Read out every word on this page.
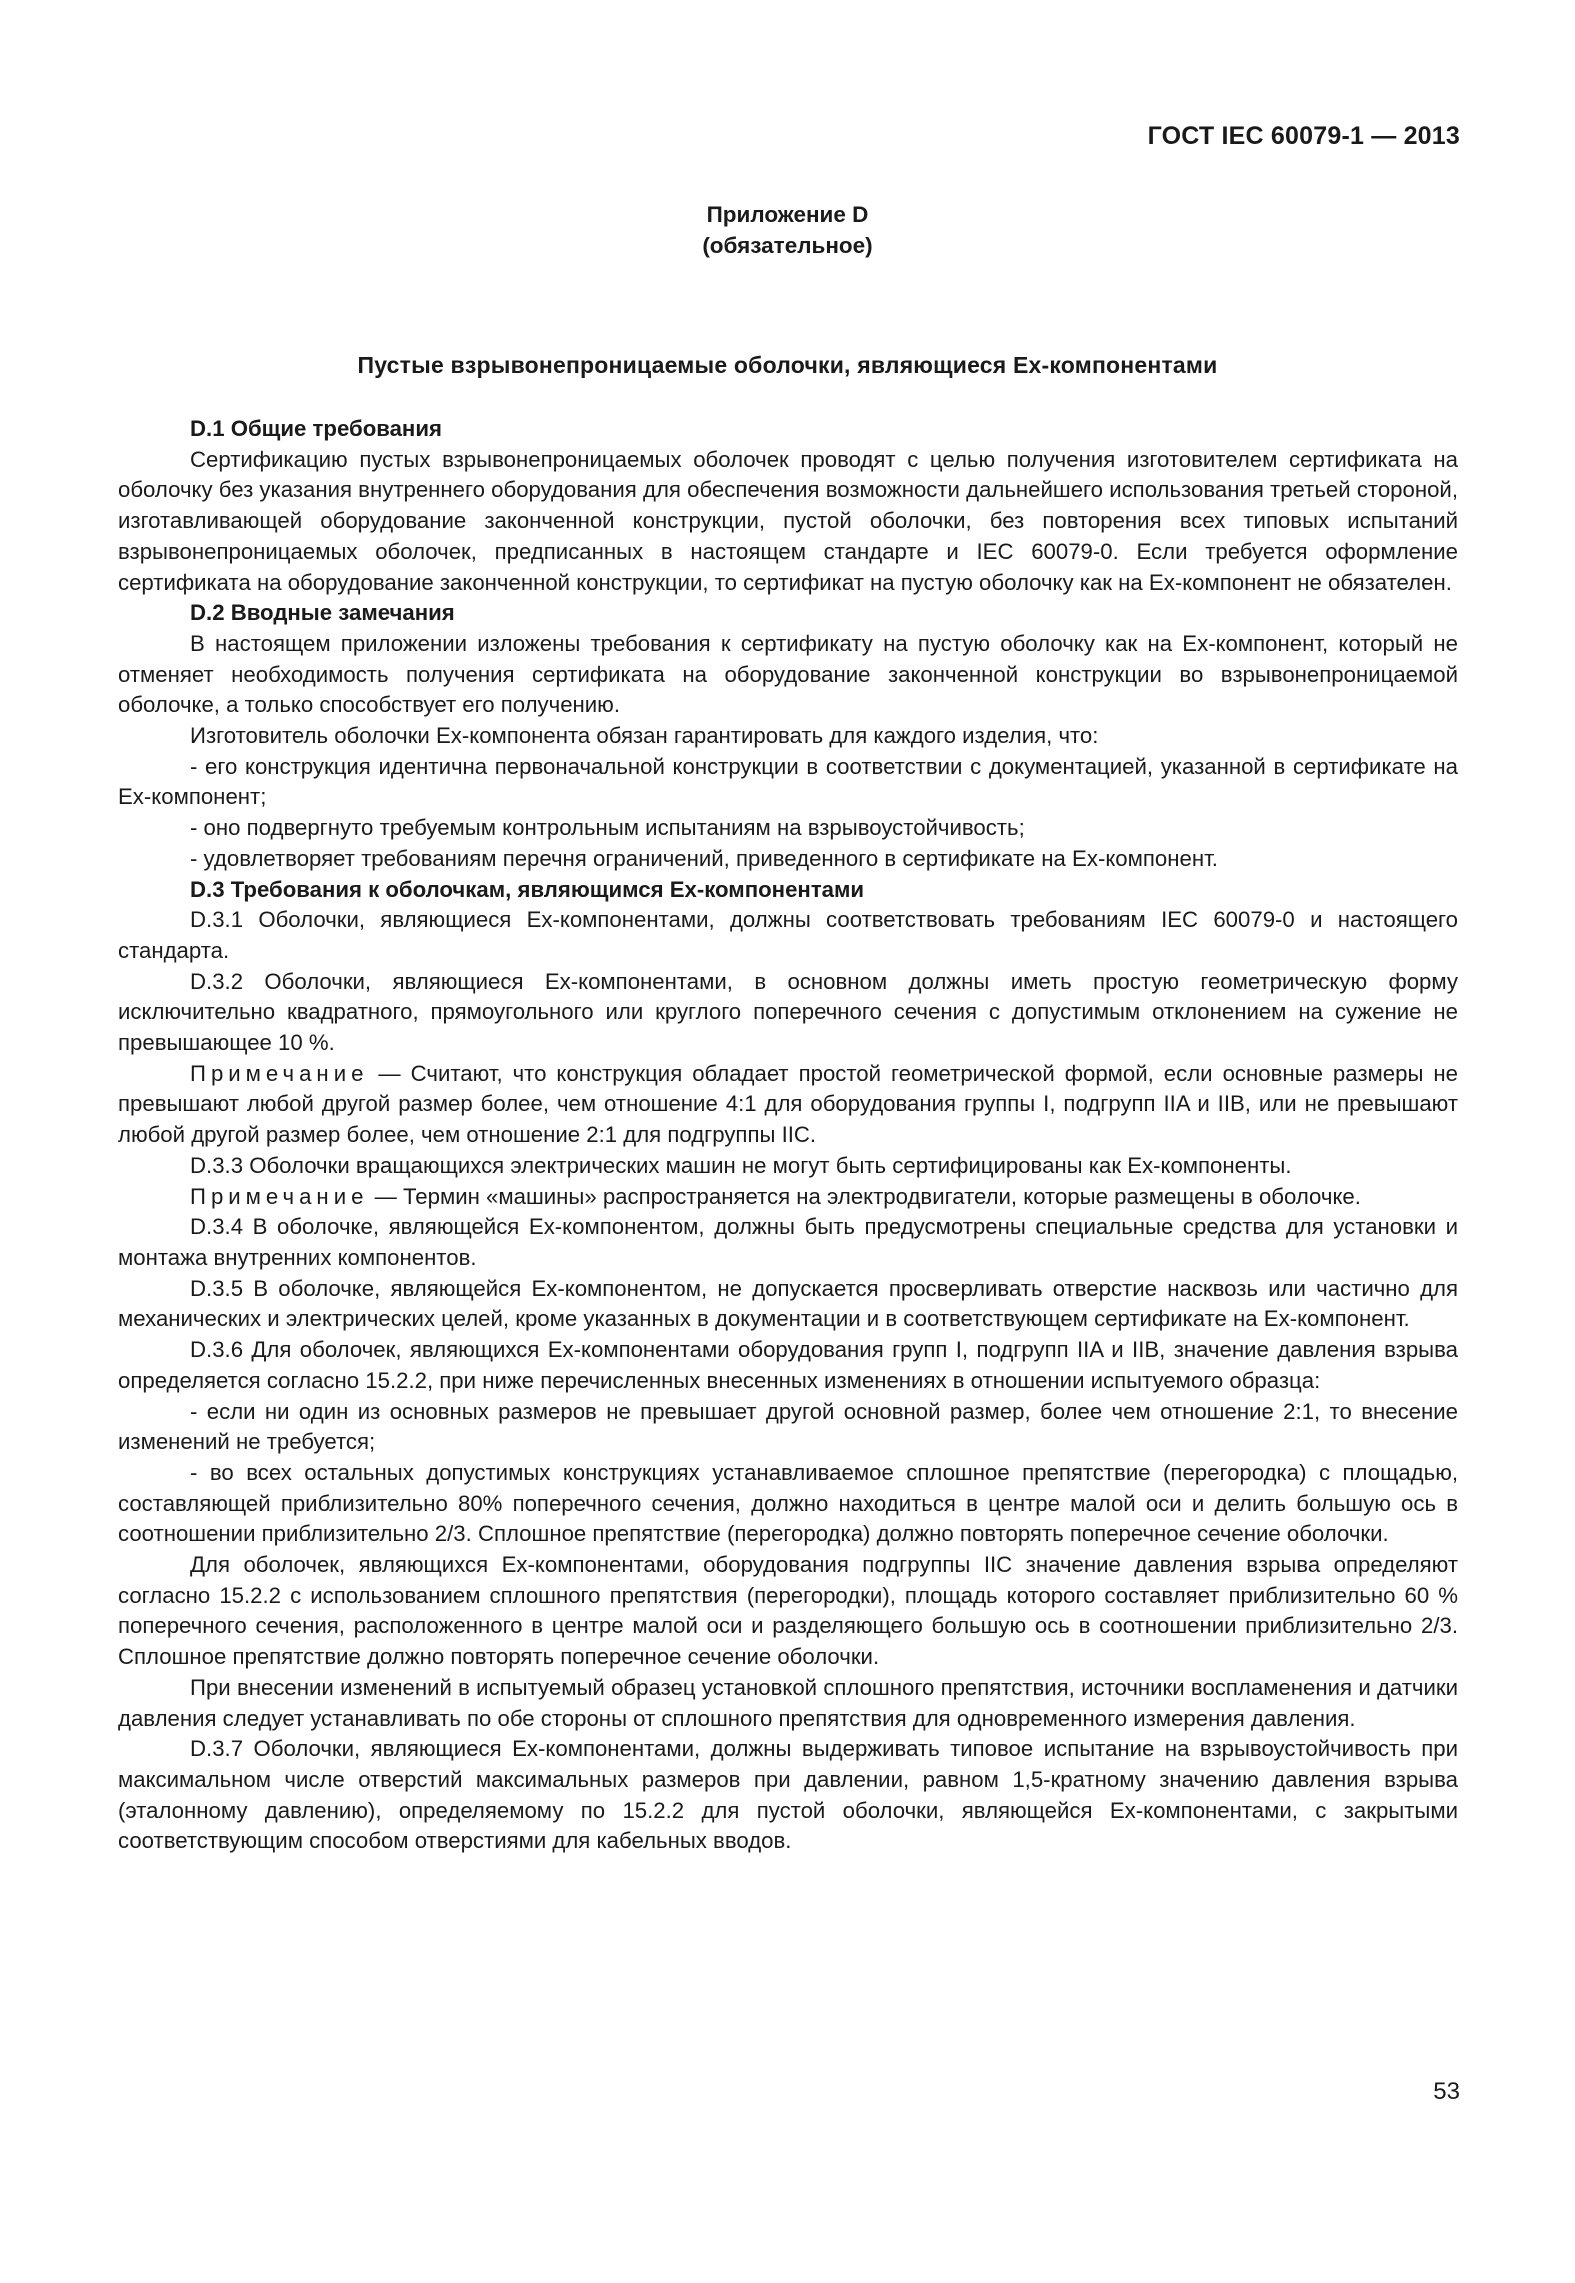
ГОСТ IEC 60079-1 — 2013
Приложение D
(обязательное)
Пустые взрывонепроницаемые оболочки, являющиеся Ex-компонентами

D.1 Общие требования

Сертификацию пустых взрывонепроницаемых оболочек проводят с целью получения изготовителем сертификата на оболочку без указания внутреннего оборудования для обеспечения возможности дальнейшего использования третьей стороной, изготавливающей оборудование законченной конструкции, пустой оболочки, без повторения всех типовых испытаний взрывонепроницаемых оболочек, предписанных в настоящем стандарте и IEC 60079-0. Если требуется оформление сертификата на оборудование законченной конструкции, то сертификат на пустую оболочку как на Ex-компонент не обязателен.

D.2 Вводные замечания

В настоящем приложении изложены требования к сертификату на пустую оболочку как на Ex-компонент, который не отменяет необходимость получения сертификата на оборудование законченной конструкции во взрывонепроницаемой оболочке, а только способствует его получению.

Изготовитель оболочки Ex-компонента обязан гарантировать для каждого изделия, что:

- его конструкция идентична первоначальной конструкции в соответствии с документацией, указанной в сертификате на Ex-компонент;

- оно подвергнуто требуемым контрольным испытаниям на взрывоустойчивость;

- удовлетворяет требованиям перечня ограничений, приведенного в сертификате на Ex-компонент.

D.3 Требования к оболочкам, являющимся Ex-компонентами

D.3.1 Оболочки, являющиеся Ex-компонентами, должны соответствовать требованиям IEC 60079-0 и настоящего стандарта.

D.3.2 Оболочки, являющиеся Ex-компонентами, в основном должны иметь простую геометрическую форму исключительно квадратного, прямоугольного или круглого поперечного сечения с допустимым отклонением на сужение не превышающее 10 %.

Примечание — Считают, что конструкция обладает простой геометрической формой, если основные размеры не превышают любой другой размер более, чем отношение 4:1 для оборудования группы I, подгрупп IIA и IIB, или не превышают любой другой размер более, чем отношение 2:1 для подгруппы IIC.

D.3.3 Оболочки вращающихся электрических машин не могут быть сертифицированы как Ex-компоненты.

Примечание — Термин «машины» распространяется на электродвигатели, которые размещены в оболочке.

D.3.4 В оболочке, являющейся Ex-компонентом, должны быть предусмотрены специальные средства для установки и монтажа внутренних компонентов.

D.3.5 В оболочке, являющейся Ex-компонентом, не допускается просверливать отверстие насквозь или частично для механических и электрических целей, кроме указанных в документации и в соответствующем сертификате на Ex-компонент.

D.3.6 Для оболочек, являющихся Ex-компонентами оборудования групп I, подгрупп IIA и IIB, значение давления взрыва определяется согласно 15.2.2, при ниже перечисленных внесенных изменениях в отношении испытуемого образца:

- если ни один из основных размеров не превышает другой основной размер, более чем отношение 2:1, то внесение изменений не требуется;

- во всех остальных допустимых конструкциях устанавливаемое сплошное препятствие (перегородка) с площадью, составляющей приблизительно 80% поперечного сечения, должно находиться в центре малой оси и делить большую ось в соотношении приблизительно 2/3. Сплошное препятствие (перегородка) должно повторять поперечное сечение оболочки.

Для оболочек, являющихся Ex-компонентами, оборудования подгруппы IIC значение давления взрыва определяют согласно 15.2.2 с использованием сплошного препятствия (перегородки), площадь которого составляет приблизительно 60 % поперечного сечения, расположенного в центре малой оси и разделяющего большую ось в соотношении приблизительно 2/3. Сплошное препятствие должно повторять поперечное сечение оболочки.

При внесении изменений в испытуемый образец установкой сплошного препятствия, источники воспламенения и датчики давления следует устанавливать по обе стороны от сплошного препятствия для одновременного измерения давления.

D.3.7 Оболочки, являющиеся Ex-компонентами, должны выдерживать типовое испытание на взрывоустойчивость при максимальном числе отверстий максимальных размеров при давлении, равном 1,5-кратному значению давления взрыва (эталонному давлению), определяемому по 15.2.2 для пустой оболочки, являющейся Ex-компонентами, с закрытыми соответствующим способом отверстиями для кабельных вводов.

53
